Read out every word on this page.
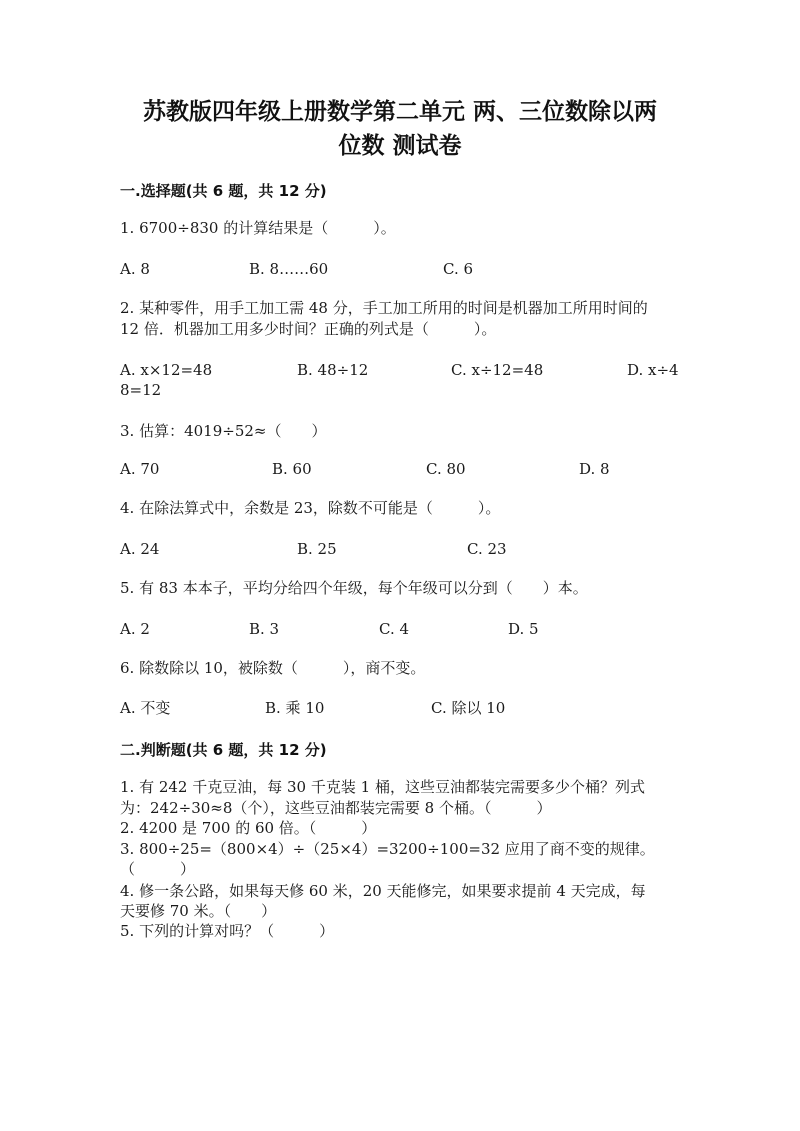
苏教版四年级上册数学第二单元 两、三位数除以两
位数 测试卷
一.选择题(共 6 题，共 12 分)
1. 6700÷830 的计算结果是（　　　）。
A. 8	B. 8……60	C. 6
2. 某种零件，用手工加工需 48 分，手工加工所用的时间是机器加工所用时间的
12 倍．机器加工用多少时间？正确的列式是（　　　）。
A. x×12=48	B. 48÷12	C. x÷12=48	D. x÷4
8=12
3. 估算：4019÷52≈（　　）
A. 70	B. 60	C. 80	D. 8
4. 在除法算式中，余数是 23，除数不可能是（　　　）。
A. 24	B. 25	C. 23
5. 有 83 本本子，平均分给四个年级，每个年级可以分到（　　）本。
A. 2	B. 3	C. 4	D. 5
6. 除数除以 10，被除数（　　　），商不变。
A. 不变	B. 乘 10	C. 除以 10
二.判断题(共 6 题，共 12 分)
1. 有 242 千克豆油，每 30 千克装 1 桶，这些豆油都装完需要多少个桶？列式
为：242÷30≈8（个），这些豆油都装完需要 8 个桶。（　　　）
2. 4200 是 700 的 60 倍。（　　　）
3. 800÷25=（800×4）÷（25×4）=3200÷100=32 应用了商不变的规律。
（　　　）
4. 修一条公路，如果每天修 60 米，20 天能修完，如果要求提前 4 天完成，每
天要修 70 米。（　　）
5. 下列的计算对吗？（　　　）
